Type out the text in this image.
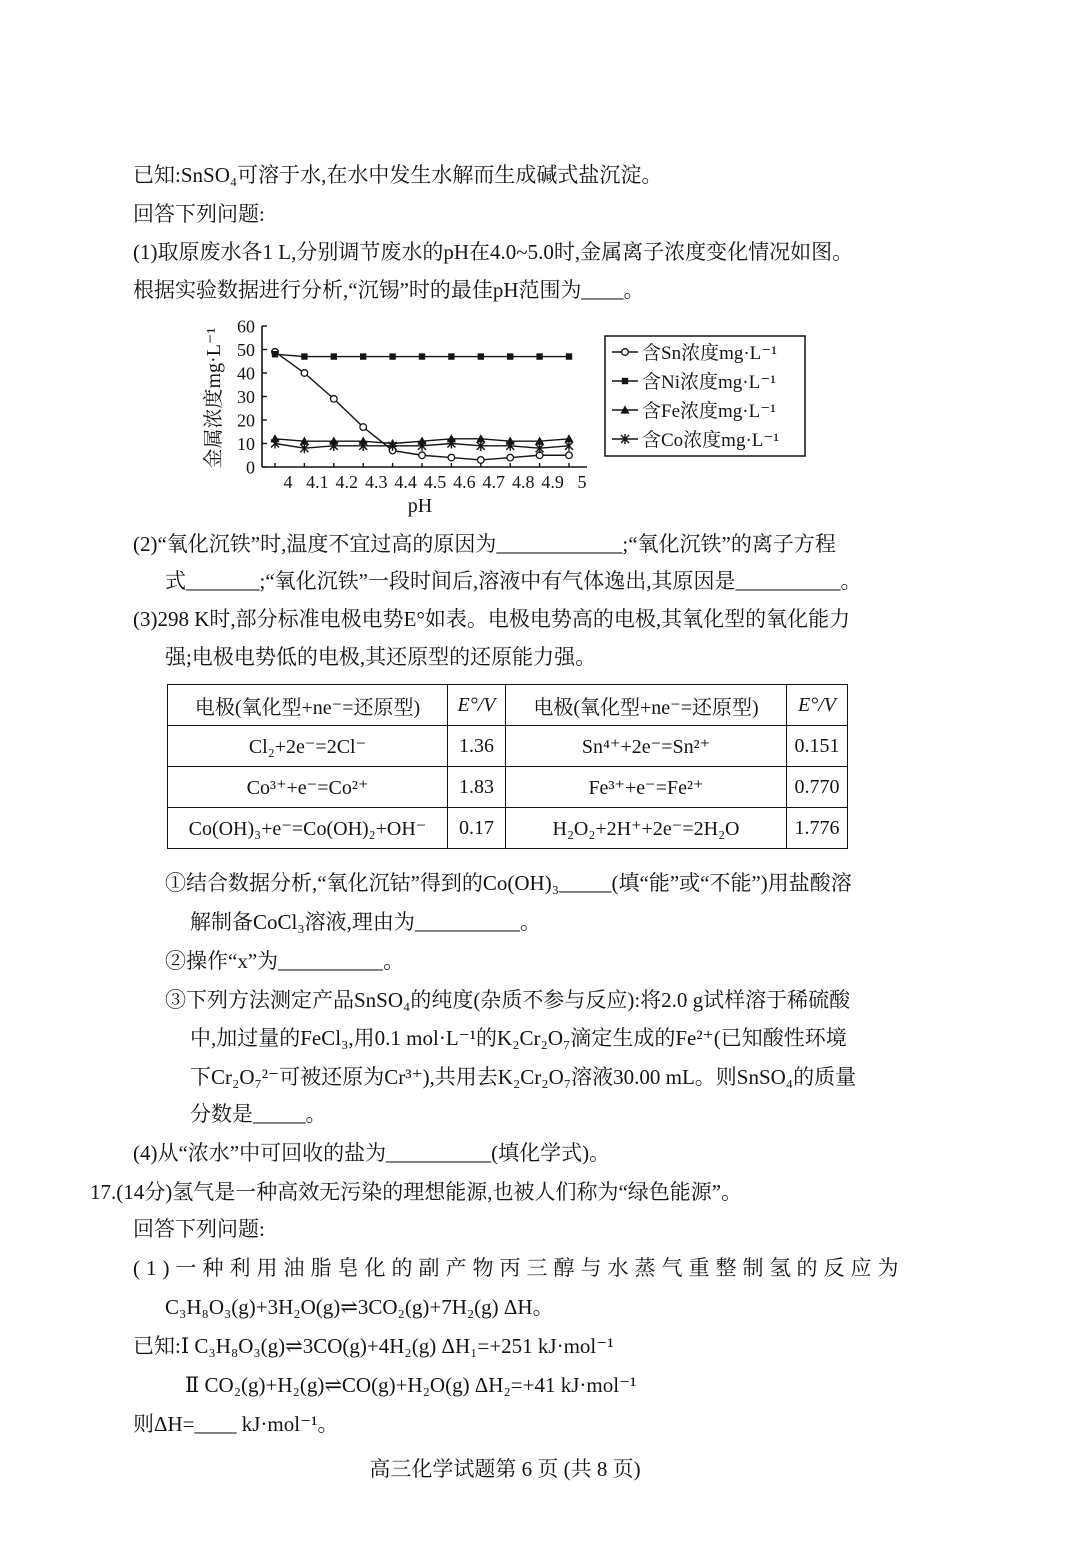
已知:SnSO₄可溶于水,在水中发生水解而生成碱式盐沉淀。
回答下列问题:
(1)取原废水各1 L,分别调节废水的pH在4.0~5.0时,金属离子浓度变化情况如图。
根据实验数据进行分析,“沉锡”时的最佳pH范围为____。
0
10
20
30
40
50
60
4 4.1 4.2 4.3 4.4 4.5 4.6 4.7 4.8 4.9 5
pH
金属浓度mg·L⁻¹	含Sn浓度mg·L⁻¹
含Ni浓度mg·L⁻¹
含Fe浓度mg·L⁻¹
含Co浓度mg·L⁻¹
(2)“氧化沉铁”时,温度不宜过高的原因为____________;“氧化沉铁”的离子方程
式_______;“氧化沉铁”一段时间后,溶液中有气体逸出,其原因是__________。
(3)298 K时,部分标准电极电势E°如表。电极电势高的电极,其氧化型的氧化能力
强;电极电势低的电极,其还原型的还原能力强。
电极(氧化型+ne⁻=还原型)	E°/V	电极(氧化型+ne⁻=还原型)	E°/V
Cl₂+2e⁻=2Cl⁻	1.36	Sn⁴⁺+2e⁻=Sn²⁺	0.151
Co³⁺+e⁻=Co²⁺	1.83	Fe³⁺+e⁻=Fe²⁺	0.770
Co(OH)₃+e⁻=Co(OH)₂+OH⁻	0.17	H₂O₂+2H⁺+2e⁻=2H₂O	1.776
①结合数据分析,“氧化沉钴”得到的Co(OH)₃_____(填“能”或“不能”)用盐酸溶
解制备CoCl₃溶液,理由为__________。
②操作“x”为__________。
③下列方法测定产品SnSO₄的纯度(杂质不参与反应):将2.0 g试样溶于稀硫酸
中,加过量的FeCl₃,用0.1 mol·L⁻¹的K₂Cr₂O₇滴定生成的Fe²⁺(已知酸性环境
下Cr₂O₇²⁻可被还原为Cr³⁺),共用去K₂Cr₂O₇溶液30.00 mL。则SnSO₄的质量
分数是_____。
(4)从“浓水”中可回收的盐为__________(填化学式)。
17.(14分)氢气是一种高效无污染的理想能源,也被人们称为“绿色能源”。
回答下列问题:
(1)一种利用油脂皂化的副产物丙三醇与水蒸气重整制氢的反应为
C₃H₈O₃(g)+3H₂O(g)⇌3CO₂(g)+7H₂(g) ΔH。
已知:Ⅰ C₃H₈O₃(g)⇌3CO(g)+4H₂(g) ΔH₁=+251 kJ·mol⁻¹
Ⅱ CO₂(g)+H₂(g)⇌CO(g)+H₂O(g) ΔH₂=+41 kJ·mol⁻¹
则ΔH=____ kJ·mol⁻¹。
高三化学试题第 6 页 (共 8 页)
